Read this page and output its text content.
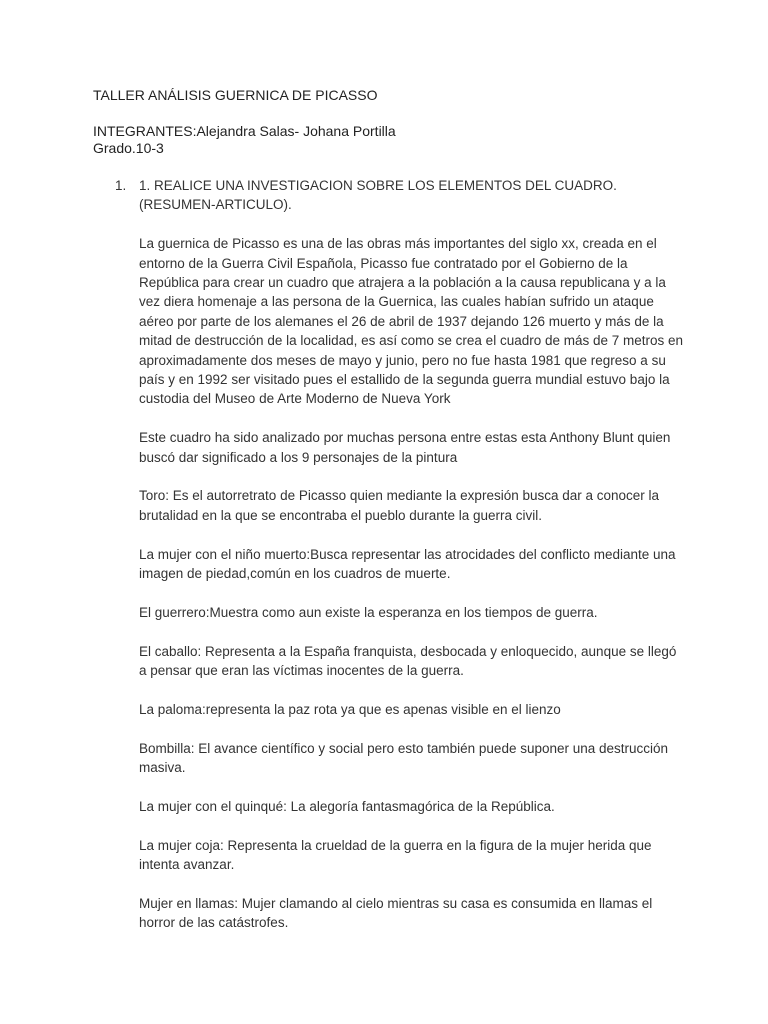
TALLER ANÁLISIS GUERNICA DE PICASSO
INTEGRANTES:Alejandra Salas- Johana Portilla
Grado.10-3
1. 1. REALICE UNA INVESTIGACION SOBRE LOS ELEMENTOS DEL CUADRO. (RESUMEN-ARTICULO).

La guernica de Picasso es una de las obras más importantes del siglo xx, creada en el entorno de la Guerra Civil Española, Picasso fue contratado por el Gobierno de la República para crear un cuadro que atrajera a la población a la causa republicana y a la vez diera homenaje a las persona de la Guernica, las cuales habían sufrido un ataque aéreo por parte de los alemanes el 26 de abril de 1937 dejando 126 muerto y más de la mitad de destrucción de la localidad, es así como se crea el cuadro de más de 7 metros en aproximadamente dos meses de mayo y junio, pero no fue hasta 1981 que regreso a su país y en 1992 ser visitado pues el estallido de la segunda guerra mundial estuvo bajo la custodia del Museo de Arte Moderno de Nueva York

Este cuadro ha sido analizado por muchas persona entre estas esta Anthony Blunt quien buscó dar significado a los 9 personajes de la pintura

Toro: Es el autorretrato de Picasso quien mediante la expresión busca dar a conocer la brutalidad en la que se encontraba el pueblo durante la guerra civil.

La mujer con el niño muerto:Busca representar las atrocidades del conflicto mediante una imagen de piedad,común en los cuadros de muerte.

El guerrero:Muestra como aun existe la esperanza en los tiempos de guerra.

El caballo: Representa a la España franquista, desbocada y enloquecido, aunque se llegó a pensar que eran las víctimas inocentes de la guerra.

La paloma:representa la paz rota ya que es apenas visible en el lienzo

Bombilla: El avance científico y social pero esto también puede suponer una destrucción masiva.

La mujer con el quinqué: La alegoría fantasmagórica de la República.

La mujer coja: Representa la crueldad de la guerra en la figura de la mujer herida que intenta avanzar.

Mujer en llamas: Mujer clamando al cielo mientras su casa es consumida en llamas el horror de las catástrofes.
